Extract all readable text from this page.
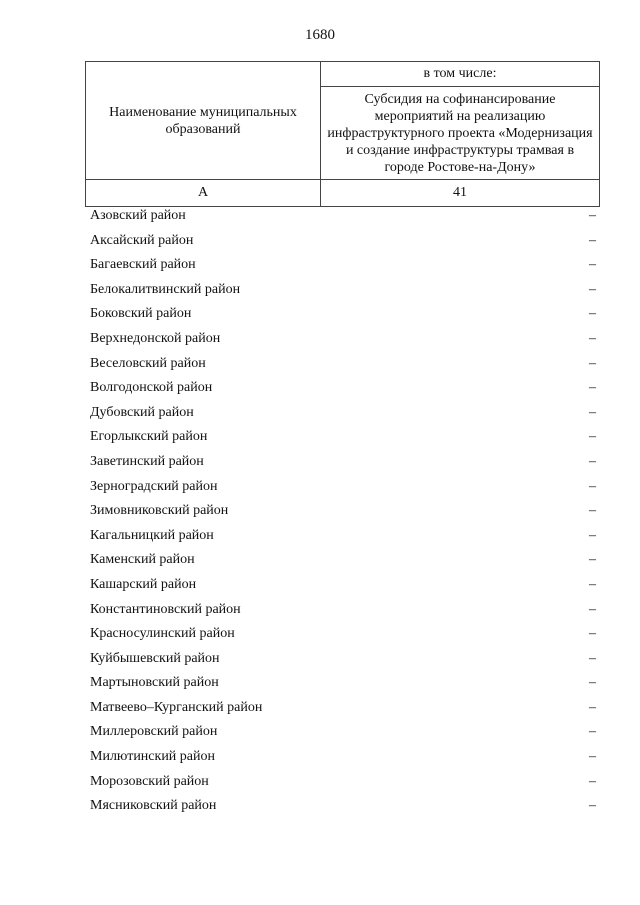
1680
Наименование муниципальных образований	в том числе:
	Субсидия на софинансирование мероприятий на реализацию инфраструктурного проекта «Модернизация и создание инфраструктуры трамвая в городе Ростове-на-Дону»
А	41
Азовский район	–
Аксайский район	–
Багаевский район	–
Белокалитвинский район	–
Боковский район	–
Верхнедонской район	–
Веселовский район	–
Волгодонской район	–
Дубовский район	–
Егорлыкский район	–
Заветинский район	–
Зерноградский район	–
Зимовниковский район	–
Кагальницкий район	–
Каменский район	–
Кашарский район	–
Константиновский район	–
Красносулинский район	–
Куйбышевский район	–
Мартыновский район	–
Матвеево–Курганский район	–
Миллеровский район	–
Милютинский район	–
Морозовский район	–
Мясниковский район	–
